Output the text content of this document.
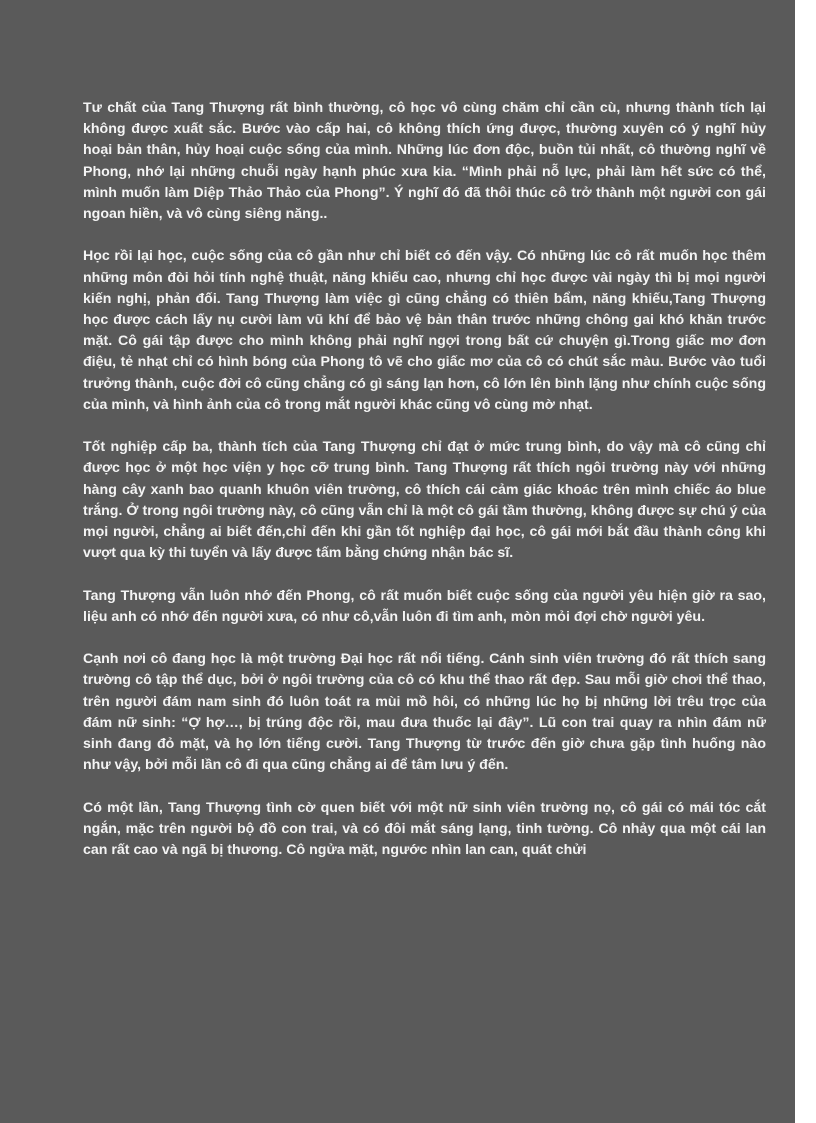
Tư chất của Tang Thượng rất bình thường, cô học vô cùng chăm chỉ cần cù, nhưng thành tích lại không được xuất sắc. Bước vào cấp hai, cô không thích ứng được, thường xuyên có ý nghĩ hủy hoại bản thân, hủy hoại cuộc sống của mình. Những lúc đơn độc, buồn tủi nhất, cô thường nghĩ về Phong, nhớ lại những chuỗi ngày hạnh phúc xưa kia. “Mình phải nỗ lực, phải làm hết sức có thể, mình muốn làm Diệp Thảo Thảo của Phong”. Ý nghĩ đó đã thôi thúc cô trở thành một người con gái ngoan hiền, và vô cùng siêng năng..

Học rồi lại học, cuộc sống của cô gần như chỉ biết có đến vậy. Có những lúc cô rất muốn học thêm những môn đòi hỏi tính nghệ thuật, năng khiếu cao, nhưng chỉ học được vài ngày thì bị mọi người kiến nghị, phản đối. Tang Thượng làm việc gì cũng chẳng có thiên bẩm, năng khiếu,Tang Thượng học được cách lấy nụ cười làm vũ khí để bảo vệ bản thân trước những chông gai khó khăn trước mặt. Cô gái tập được cho mình không phải nghĩ ngợi trong bất cứ chuyện gì.Trong giấc mơ đơn điệu, tẻ nhạt chỉ có hình bóng của Phong tô vẽ cho giấc mơ của cô có chút sắc màu. Bước vào tuổi trưởng thành, cuộc đời cô cũng chẳng có gì sáng lạn hơn, cô lớn lên bình lặng như chính cuộc sống của mình, và hình ảnh của cô trong mắt người khác cũng vô cùng mờ nhạt.

Tốt nghiệp cấp ba, thành tích của Tang Thượng chỉ đạt ở mức trung bình, do vậy mà cô cũng chỉ được học ở một học viện y học cỡ trung bình. Tang Thượng rất thích ngôi trường này với những hàng cây xanh bao quanh khuôn viên trường, cô thích cái cảm giác khoác trên mình chiếc áo blue trắng. Ở trong ngôi trường này, cô cũng vẫn chỉ là một cô gái tầm thường, không được sự chú ý của mọi người, chẳng ai biết đến,chỉ đến khi gần tốt nghiệp đại học, cô gái mới bắt đầu thành công khi vượt qua kỳ thi tuyển và lấy được tấm bằng chứng nhận bác sĩ.

Tang Thượng vẫn luôn nhớ đến Phong, cô rất muốn biết cuộc sống của người yêu hiện giờ ra sao, liệu anh có nhớ đến người xưa, có như cô,vẫn luôn đi tìm anh, mòn mỏi đợi chờ người yêu.

Cạnh nơi cô đang học là một trường Đại học rất nổi tiếng. Cánh sinh viên trường đó rất thích sang trường cô tập thể dục, bởi ở ngôi trường của cô có khu thể thao rất đẹp. Sau mỗi giờ chơi thể thao, trên người đám nam sinh đó luôn toát ra mùi mồ hôi, có những lúc họ bị những lời trêu trọc của đám nữ sinh: “Ợ hợ…, bị trúng độc rồi, mau đưa thuốc lại đây”. Lũ con trai quay ra nhìn đám nữ sinh đang đỏ mặt, và họ lớn tiếng cười. Tang Thượng từ trước đến giờ chưa gặp tình huống nào như vậy, bởi mỗi lần cô đi qua cũng chẳng ai để tâm lưu ý đến.

Có một lần, Tang Thượng tình cờ quen biết với một nữ sinh viên trường nọ, cô gái có mái tóc cắt ngắn, mặc trên người bộ đồ con trai, và có đôi mắt sáng lạng, tinh tường. Cô nhảy qua một cái lan can rất cao và ngã bị thương. Cô ngửa mặt, ngước nhìn lan can, quát chửi
